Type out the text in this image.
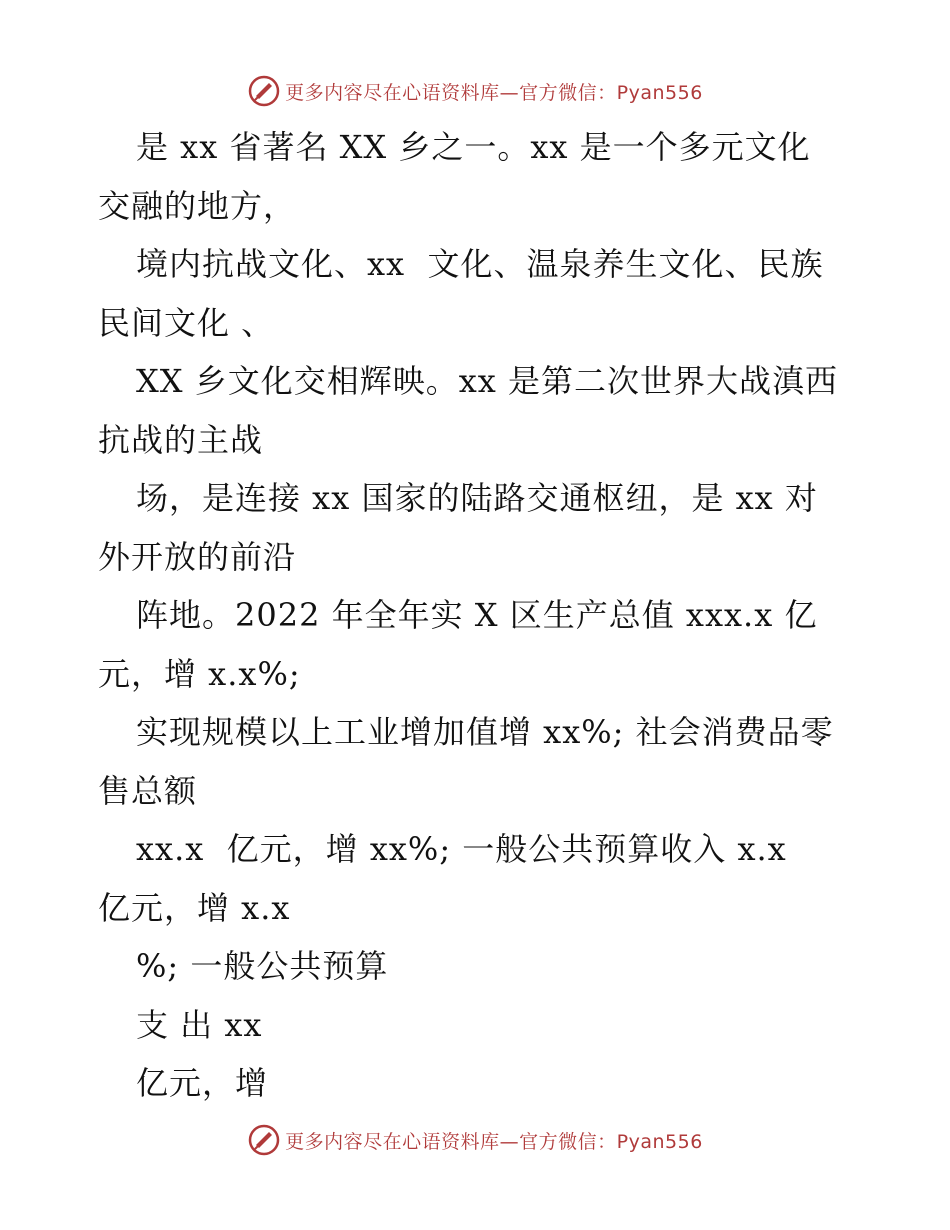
更多内容尽在心语资料库—官方微信：Pyan556
是 xx 省著名 XX 乡之一。xx 是一个多元文化
交融的地方，
境内抗战文化、xx  文化、温泉养生文化、民族
民间文化 、
XX 乡文化交相辉映。xx 是第二次世界大战滇西
抗战的主战
场，是连接 xx 国家的陆路交通枢纽，是 xx 对
外开放的前沿
阵地。2022 年全年实 X 区生产总值 xxx.x 亿
元，增 x.x%;
实现规模以上工业增加值增 xx%; 社会消费品零
售总额
xx.x  亿元，增 xx%; 一般公共预算收入 x.x
亿元，增 x.x
%; 一般公共预算
支 出 xx
亿元，增
更多内容尽在心语资料库—官方微信：Pyan556
